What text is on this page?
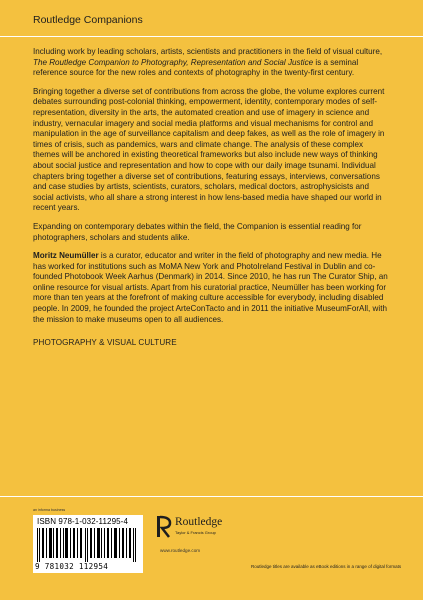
Routledge Companions

Including work by leading scholars, artists, scientists and practitioners in the field of visual culture, The Routledge Companion to Photography, Representation and Social Justice is a seminal reference source for the new roles and contexts of photography in the twenty-first century.

Bringing together a diverse set of contributions from across the globe, the volume explores current debates surrounding post-colonial thinking, empowerment, identity, contemporary modes of self-representation, diversity in the arts, the automated creation and use of imagery in science and industry, vernacular imagery and social media platforms and visual mechanisms for control and manipulation in the age of surveillance capitalism and deep fakes, as well as the role of imagery in times of crisis, such as pandemics, wars and climate change. The analysis of these complex themes will be anchored in existing theoretical frameworks but also include new ways of thinking about social justice and representation and how to cope with our daily image tsunami. Individual chapters bring together a diverse set of contributions, featuring essays, interviews, conversations and case studies by artists, scientists, curators, scholars, medical doctors, astrophysicists and social activists, who all share a strong interest in how lens-based media have shaped our world in recent years.

Expanding on contemporary debates within the field, the Companion is essential reading for photographers, scholars and students alike.

Moritz Neumüller is a curator, educator and writer in the field of photography and new media. He has worked for institutions such as MoMA New York and PhotoIreland Festival in Dublin and co-founded Photobook Week Aarhus (Denmark) in 2014. Since 2010, he has run The Curator Ship, an online resource for visual artists. Apart from his curatorial practice, Neumüller has been working for more than ten years at the forefront of making culture accessible for everybody, including disabled people. In 2009, he founded the project ArteConTacto and in 2011 the initiative MuseumForAll, with the mission to make museums open to all audiences.

PHOTOGRAPHY & VISUAL CULTURE

an informa business
ISBN 978-1-032-11295-4
9 781032 112954
Routledge
Taylor & Francis Group
www.routledge.com
Routledge titles are available as eBook editions in a range of digital formats
